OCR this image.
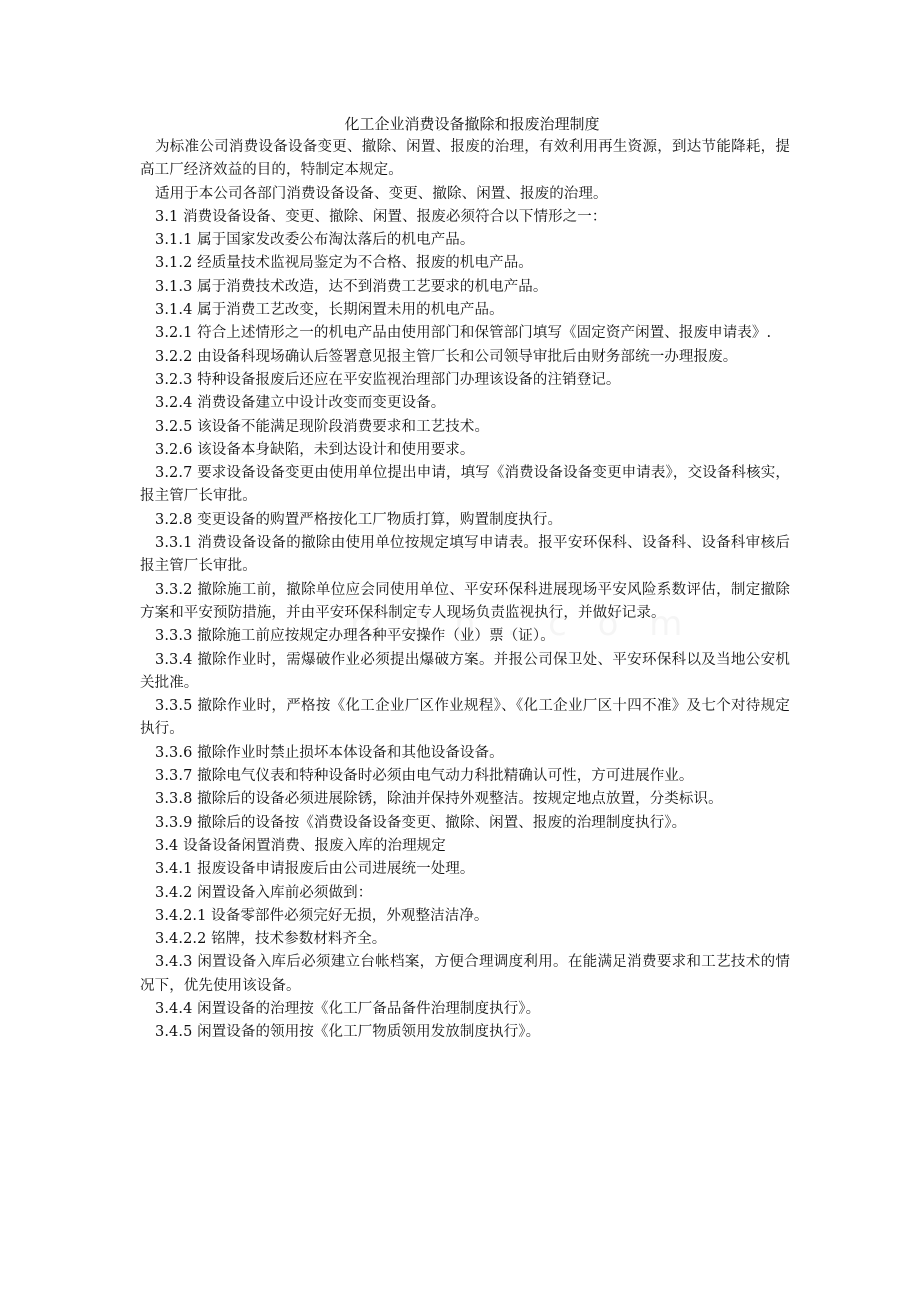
化工企业消费设备撤除和报废治理制度

为标准公司消费设备设备变更、撤除、闲置、报废的治理，有效利用再生资源，到达节能降耗，提高工厂经济效益的目的，特制定本规定。

适用于本公司各部门消费设备设备、变更、撤除、闲置、报废的治理。

3.1 消费设备设备、变更、撤除、闲置、报废必须符合以下情形之一：

3.1.1 属于国家发改委公布淘汰落后的机电产品。

3.1.2 经质量技术监视局鉴定为不合格、报废的机电产品。

3.1.3 属于消费技术改造，达不到消费工艺要求的机电产品。

3.1.4 属于消费工艺改变，长期闲置未用的机电产品。

3.2.1 符合上述情形之一的机电产品由使用部门和保管部门填写《固定资产闲置、报废申请表》.

3.2.2 由设备科现场确认后签署意见报主管厂长和公司领导审批后由财务部统一办理报废。

3.2.3 特种设备报废后还应在平安监视治理部门办理该设备的注销登记。

3.2.4 消费设备建立中设计改变而变更设备。

3.2.5 该设备不能满足现阶段消费要求和工艺技术。

3.2.6 该设备本身缺陷，未到达设计和使用要求。

3.2.7 要求设备设备变更由使用单位提出申请，填写《消费设备设备变更申请表》，交设备科核实，报主管厂长审批。

3.2.8 变更设备的购置严格按化工厂物质打算，购置制度执行。

3.3.1 消费设备设备的撤除由使用单位按规定填写申请表。报平安环保科、设备科、设备科审核后报主管厂长审批。

3.3.2 撤除施工前，撤除单位应会同使用单位、平安环保科进展现场平安风险系数评估，制定撤除方案和平安预防措施，并由平安环保科制定专人现场负责监视执行，并做好记录。

3.3.3 撤除施工前应按规定办理各种平安操作（业）票（证）。

3.3.4 撤除作业时，需爆破作业必须提出爆破方案。并报公司保卫处、平安环保科以及当地公安机关批准。

3.3.5 撤除作业时，严格按《化工企业厂区作业规程》、《化工企业厂区十四不准》及七个对待规定执行。

3.3.6 撤除作业时禁止损坏本体设备和其他设备设备。

3.3.7 撤除电气仪表和特种设备时必须由电气动力科批精确认可性，方可进展作业。

3.3.8 撤除后的设备必须进展除锈，除油并保持外观整洁。按规定地点放置，分类标识。

3.3.9 撤除后的设备按《消费设备设备变更、撤除、闲置、报废的治理制度执行》。

3.4 设备设备闲置消费、报废入库的治理规定

3.4.1 报废设备申请报废后由公司进展统一处理。

3.4.2 闲置设备入库前必须做到：

3.4.2.1 设备零部件必须完好无损，外观整洁洁净。

3.4.2.2 铭牌，技术参数材料齐全。

3.4.3 闲置设备入库后必须建立台帐档案，方便合理调度利用。在能满足消费要求和工艺技术的情况下，优先使用该设备。

3.4.4 闲置设备的治理按《化工厂备品备件治理制度执行》。

3.4.5 闲置设备的领用按《化工厂物质领用发放制度执行》。
